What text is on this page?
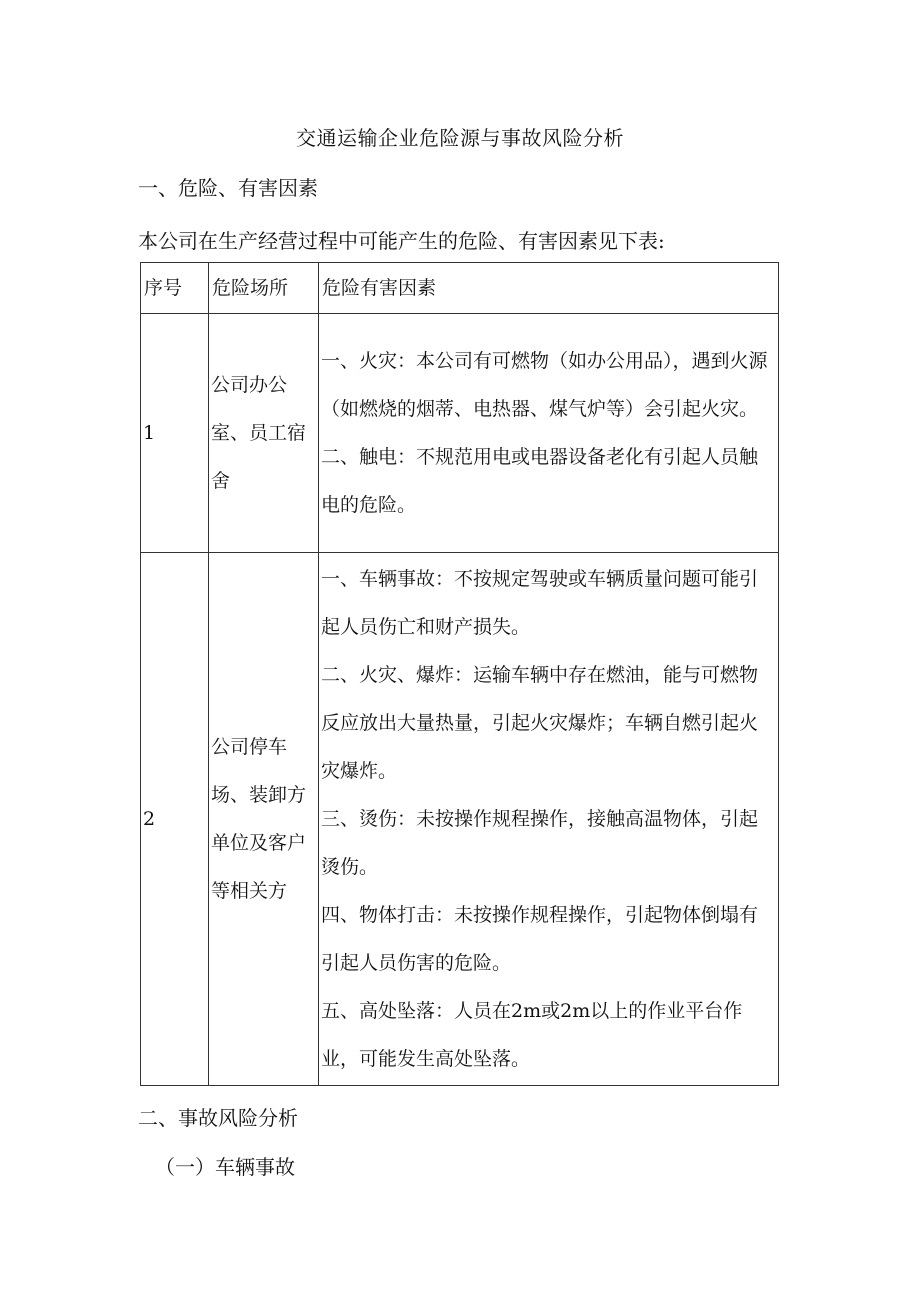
交通运输企业危险源与事故风险分析
一、危险、有害因素
本公司在生产经营过程中可能产生的危险、有害因素见下表:
序号	危险场所	危险有害因素
1	公司办公室、员工宿舍	一、火灾：本公司有可燃物（如办公用品），遇到火源（如燃烧的烟蒂、电热器、煤气炉等）会引起火灾。
二、触电：不规范用电或电器设备老化有引起人员触电的危险。

2	公司停车场、装卸方单位及客户等相关方	一、车辆事故：不按规定驾驶或车辆质量问题可能引起人员伤亡和财产损失。
二、火灾、爆炸：运输车辆中存在燃油，能与可燃物反应放出大量热量，引起火灾爆炸；车辆自燃引起火灾爆炸。
三、烫伤：未按操作规程操作，接触高温物体，引起烫伤。
四、物体打击：未按操作规程操作，引起物体倒塌有引起人员伤害的危险。
五、高处坠落：人员在2m或2m以上的作业平台作业，可能发生高处坠落。
二、事故风险分析
（一）车辆事故
